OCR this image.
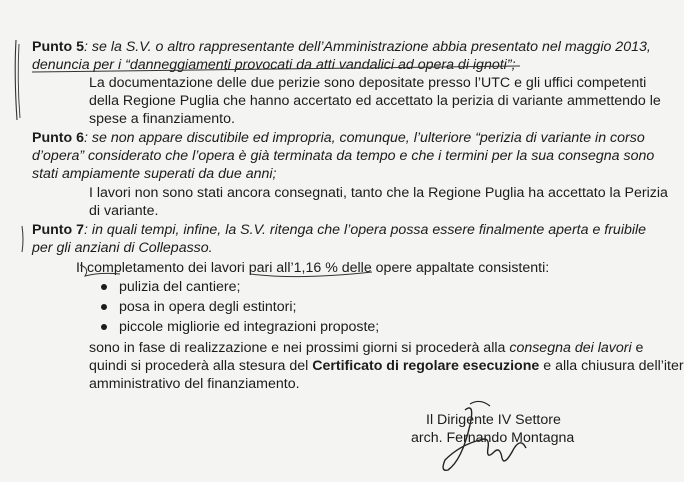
Punto 5: se la S.V. o altro rappresentante dell’Amministrazione abbia presentato nel maggio 2013,
denuncia per i “danneggiamenti provocati da atti vandalici ad opera di ignoti”;
La documentazione delle due perizie sono depositate presso l’UTC e gli uffici competenti
della Regione Puglia che hanno accertato ed accettato la perizia di variante ammettendo le
spese a finanziamento.
Punto 6: se non appare discutibile ed impropria, comunque, l’ulteriore “perizia di variante in corso
d’opera” considerato che l’opera è già terminata da tempo e che i termini per la sua consegna sono
stati ampiamente superati da due anni;
I lavori non sono stati ancora consegnati, tanto che la Regione Puglia ha accettato la Perizia
di variante.
Punto 7: in quali tempi, infine, la S.V. ritenga che l’opera possa essere finalmente aperta e fruibile
per gli anziani di Collepasso.
Il completamento dei lavori pari all’1,16 % delle opere appaltate consistenti:
pulizia del cantiere;
posa in opera degli estintori;
piccole migliorie ed integrazioni proposte;
sono in fase di realizzazione e nei prossimi giorni si procederà alla consegna dei lavori e
quindi si procederà alla stesura del Certificato di regolare esecuzione e alla chiusura dell’iter
amministrativo del finanziamento.
Il Dirigente IV Settore
arch. Fernando Montagna
